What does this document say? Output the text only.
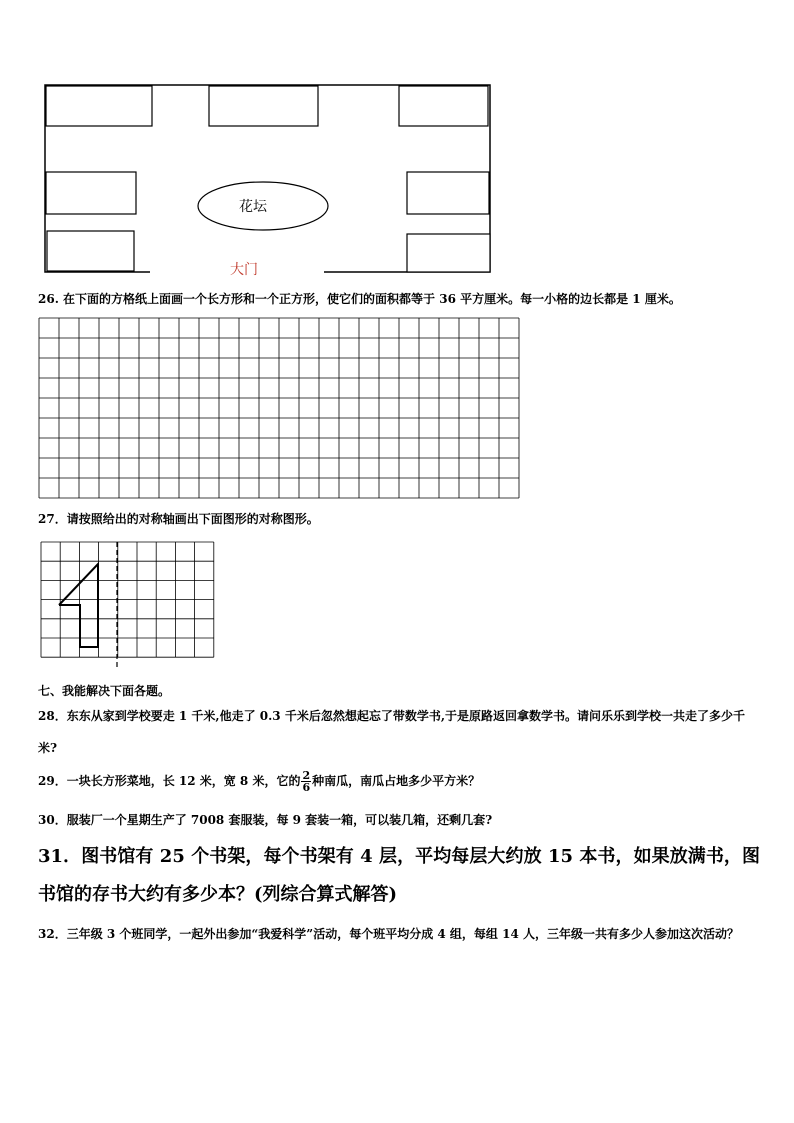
花坛
大门
26. 在下面的方格纸上面画一个长方形和一个正方形，使它们的面积都等于 36 平方厘米。每一小格的边长都是 1 厘米。
27．请按照给出的对称轴画出下面图形的对称图形。
七、我能解决下面各题。
28．东东从家到学校要走 1 千米,他走了 0.3 千米后忽然想起忘了带数学书,于是原路返回拿数学书。请问乐乐到学校一共走了多少千米?
29．一块长方形菜地，长 12 米，宽 8 米，它的 $\frac{2}{6}$ 种南瓜，南瓜占地多少平方米？
30．服装厂一个星期生产了 7008 套服装，每 9 套装一箱，可以装几箱，还剩几套?
31．图书馆有 25 个书架，每个书架有 4 层，平均每层大约放 15 本书，如果放满书，图书馆的存书大约有多少本？(列综合算式解答)
32．三年级 3 个班同学，一起外出参加“我爱科学”活动，每个班平均分成 4 组，每组 14 人，三年级一共有多少人参加这次活动？
